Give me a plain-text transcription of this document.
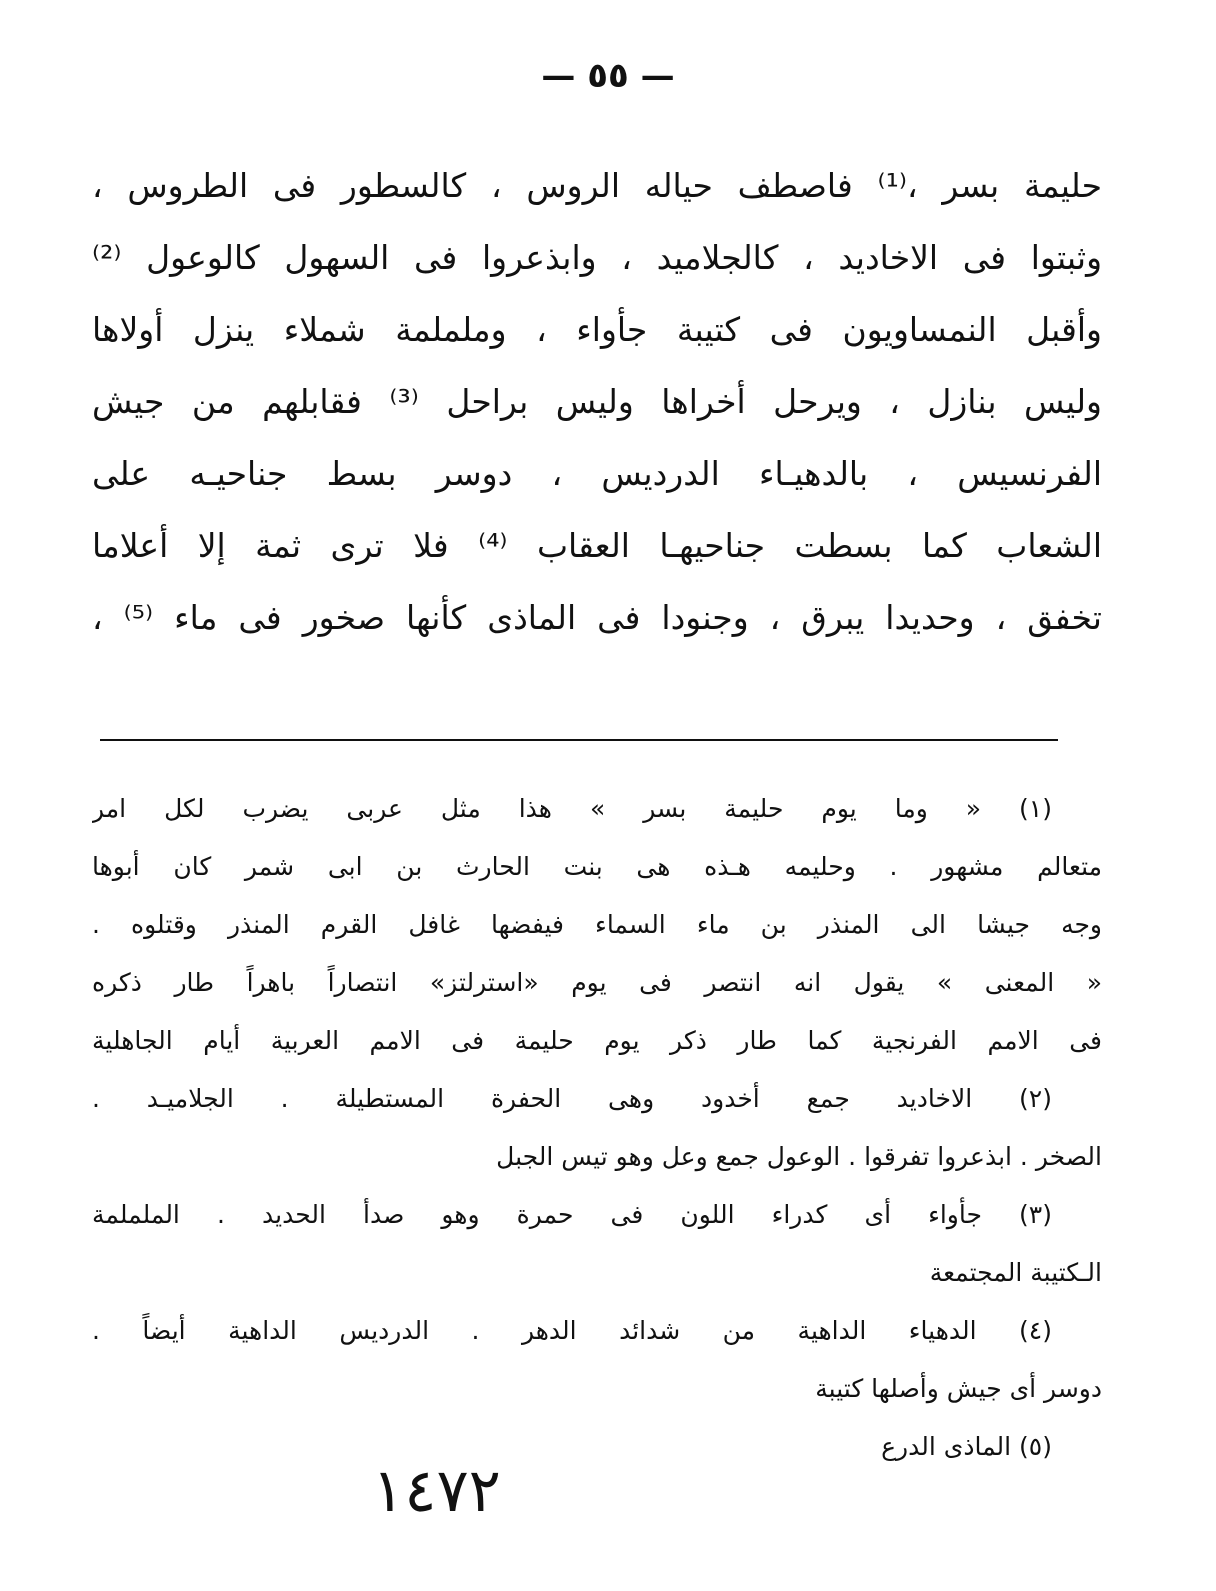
— ٥٥ —
حليمة بسر ،⁽¹⁾ فاصطف حياله الروس ، كالسطور فى الطروس ،
وثبتوا فى الاخاديد ، كالجلاميد ، وابذعروا فى السهول كالوعول ⁽²⁾
وأقبل النمساويون فى كتيبة جأواء ، وململمة شملاء ينزل أولاها
وليس بنازل ، ويرحل أخراها وليس براحل ⁽³⁾ فقابلهم من جيش
الفرنسيس ، بالدهيـاء الدرديس ، دوسر بسط جناحيـه على
الشعاب كما بسطت جناحيهـا العقاب ⁽⁴⁾ فلا ترى ثمة إلا أعلاما
تخفق ، وحديدا يبرق ، وجنودا فى الماذى كأنها صخور فى ماء ⁽⁵⁾ ،
(١) « وما يوم حليمة بسر » هذا مثل عربى يضرب لكل امر
متعالم مشهور . وحليمه هـذه هى بنت الحارث بن ابى شمر كان أبوها
وجه جيشا الى المنذر بن ماء السماء فيفضها غافل القرم المنذر وقتلوه .
« المعنى » يقول انه انتصر فى يوم «استرلتز» انتصاراً باهراً طار ذكره
فى الامم الفرنجية كما طار ذكر يوم حليمة فى الامم العربية أيام الجاهلية
(٢) الاخاديد جمع أخدود وهى الحفرة المستطيلة . الجلاميـد .
الصخر . ابذعروا تفرقوا . الوعول جمع وعل وهو تيس الجبل
(٣) جأواء أى كدراء اللون فى حمرة وهو صدأ الحديد . الململمة
الـكتيبة المجتمعة
(٤) الدهياء الداهية من شدائد الدهر . الدرديس الداهية أيضاً .
دوسر أى جيش وأصلها كتيبة
(٥) الماذى الدرع
١٤٧٢
